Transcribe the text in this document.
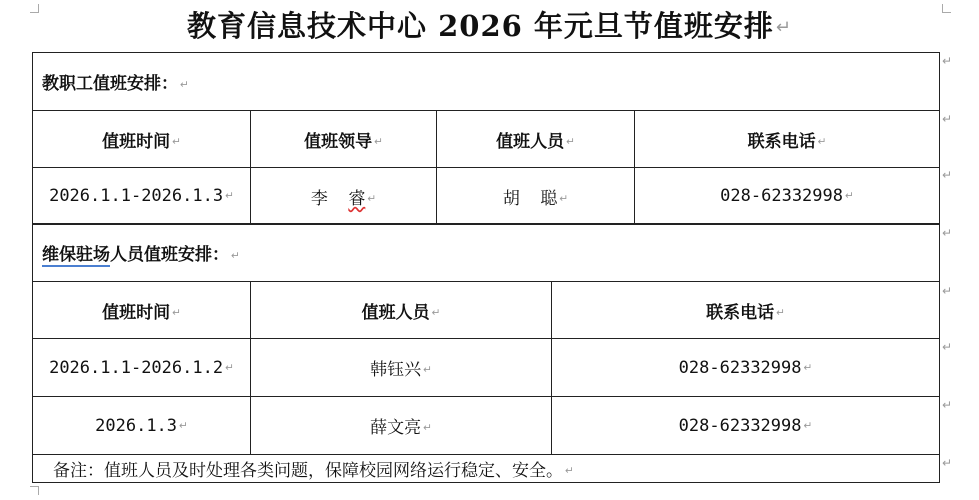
教育信息技术中心 2026 年元旦节值班安排 ↵
↵
↵
↵
↵
↵
↵
↵
↵
教职工值班安排： ↵			
值班时间 ↵	值班领导 ↵	值班人员 ↵	联系电话 ↵
2026.1.1-2026.1.3 ↵	李 睿 ↵	胡 聪 ↵	028-62332998 ↵
维保驻场人员值班安排： ↵		
值班时间 ↵	值班人员 ↵	联系电话 ↵
2026.1.1-2026.1.2 ↵	韩钰兴 ↵	028-62332998 ↵
2026.1.3 ↵	薛文亮 ↵	028-62332998 ↵
备注：值班人员及时处理各类问题，保障校园网络运行稳定、安全。 ↵		
